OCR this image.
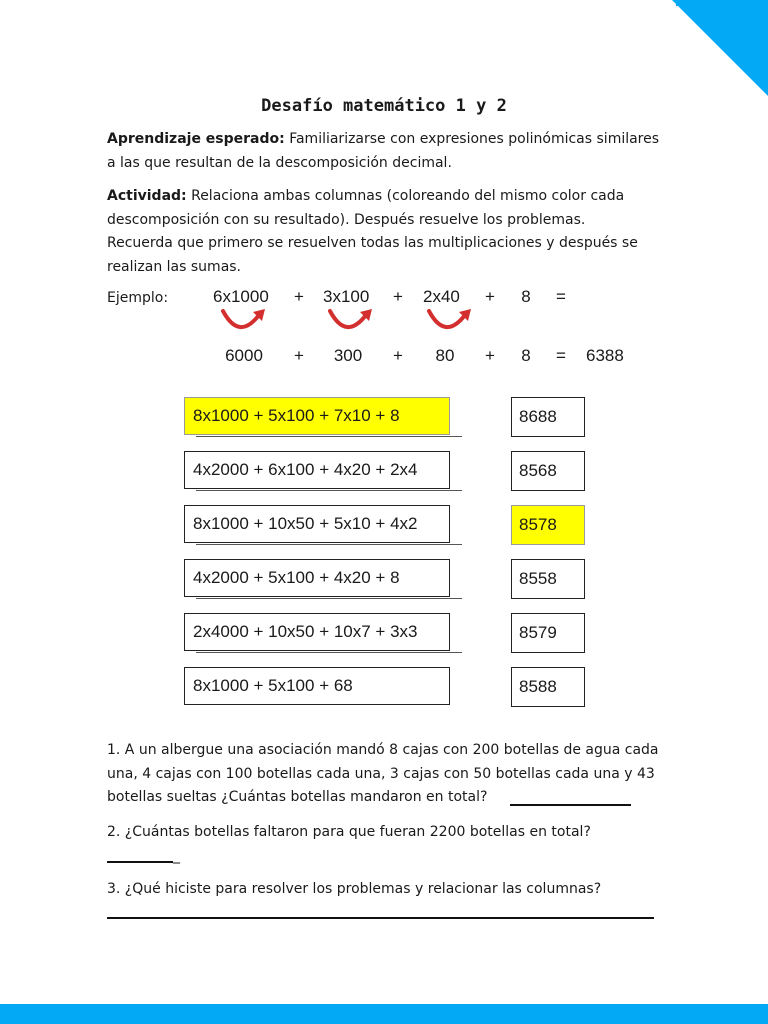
Desafío matemático 1 y 2

Aprendizaje esperado: Familiarizarse con expresiones polinómicas similares a las que resultan de la descomposición decimal.

Actividad: Relaciona ambas columnas (coloreando del mismo color cada descomposición con su resultado). Después resuelve los problemas.
Recuerda que primero se resuelven todas las multiplicaciones y después se realizan las sumas.

Ejemplo:	6x1000 + 3x100 + 2x40 + 8 =
6000 + 300 + 80 + 8 = 6388
8x1000 + 5x100 + 7x10 + 8	8688
4x2000 + 6x100 + 4x20 + 2x4	8568
8x1000 + 10x50 + 5x10 + 4x2	8578
4x2000 + 5x100 + 4x20 + 8	8558
2x4000 + 10x50 + 10x7 + 3x3	8579
8x1000 + 5x100 + 68	8588

1. A un albergue una asociación mandó 8 cajas con 200 botellas de agua cada una, 4 cajas con 100 botellas cada una, 3 cajas con 50 botellas cada una y 43 botellas sueltas ¿Cuántas botellas mandaron en total?

2. ¿Cuántas botellas faltaron para que fueran 2200 botellas en total?

_

3. ¿Qué hiciste para resolver los problemas y relacionar las columnas?
